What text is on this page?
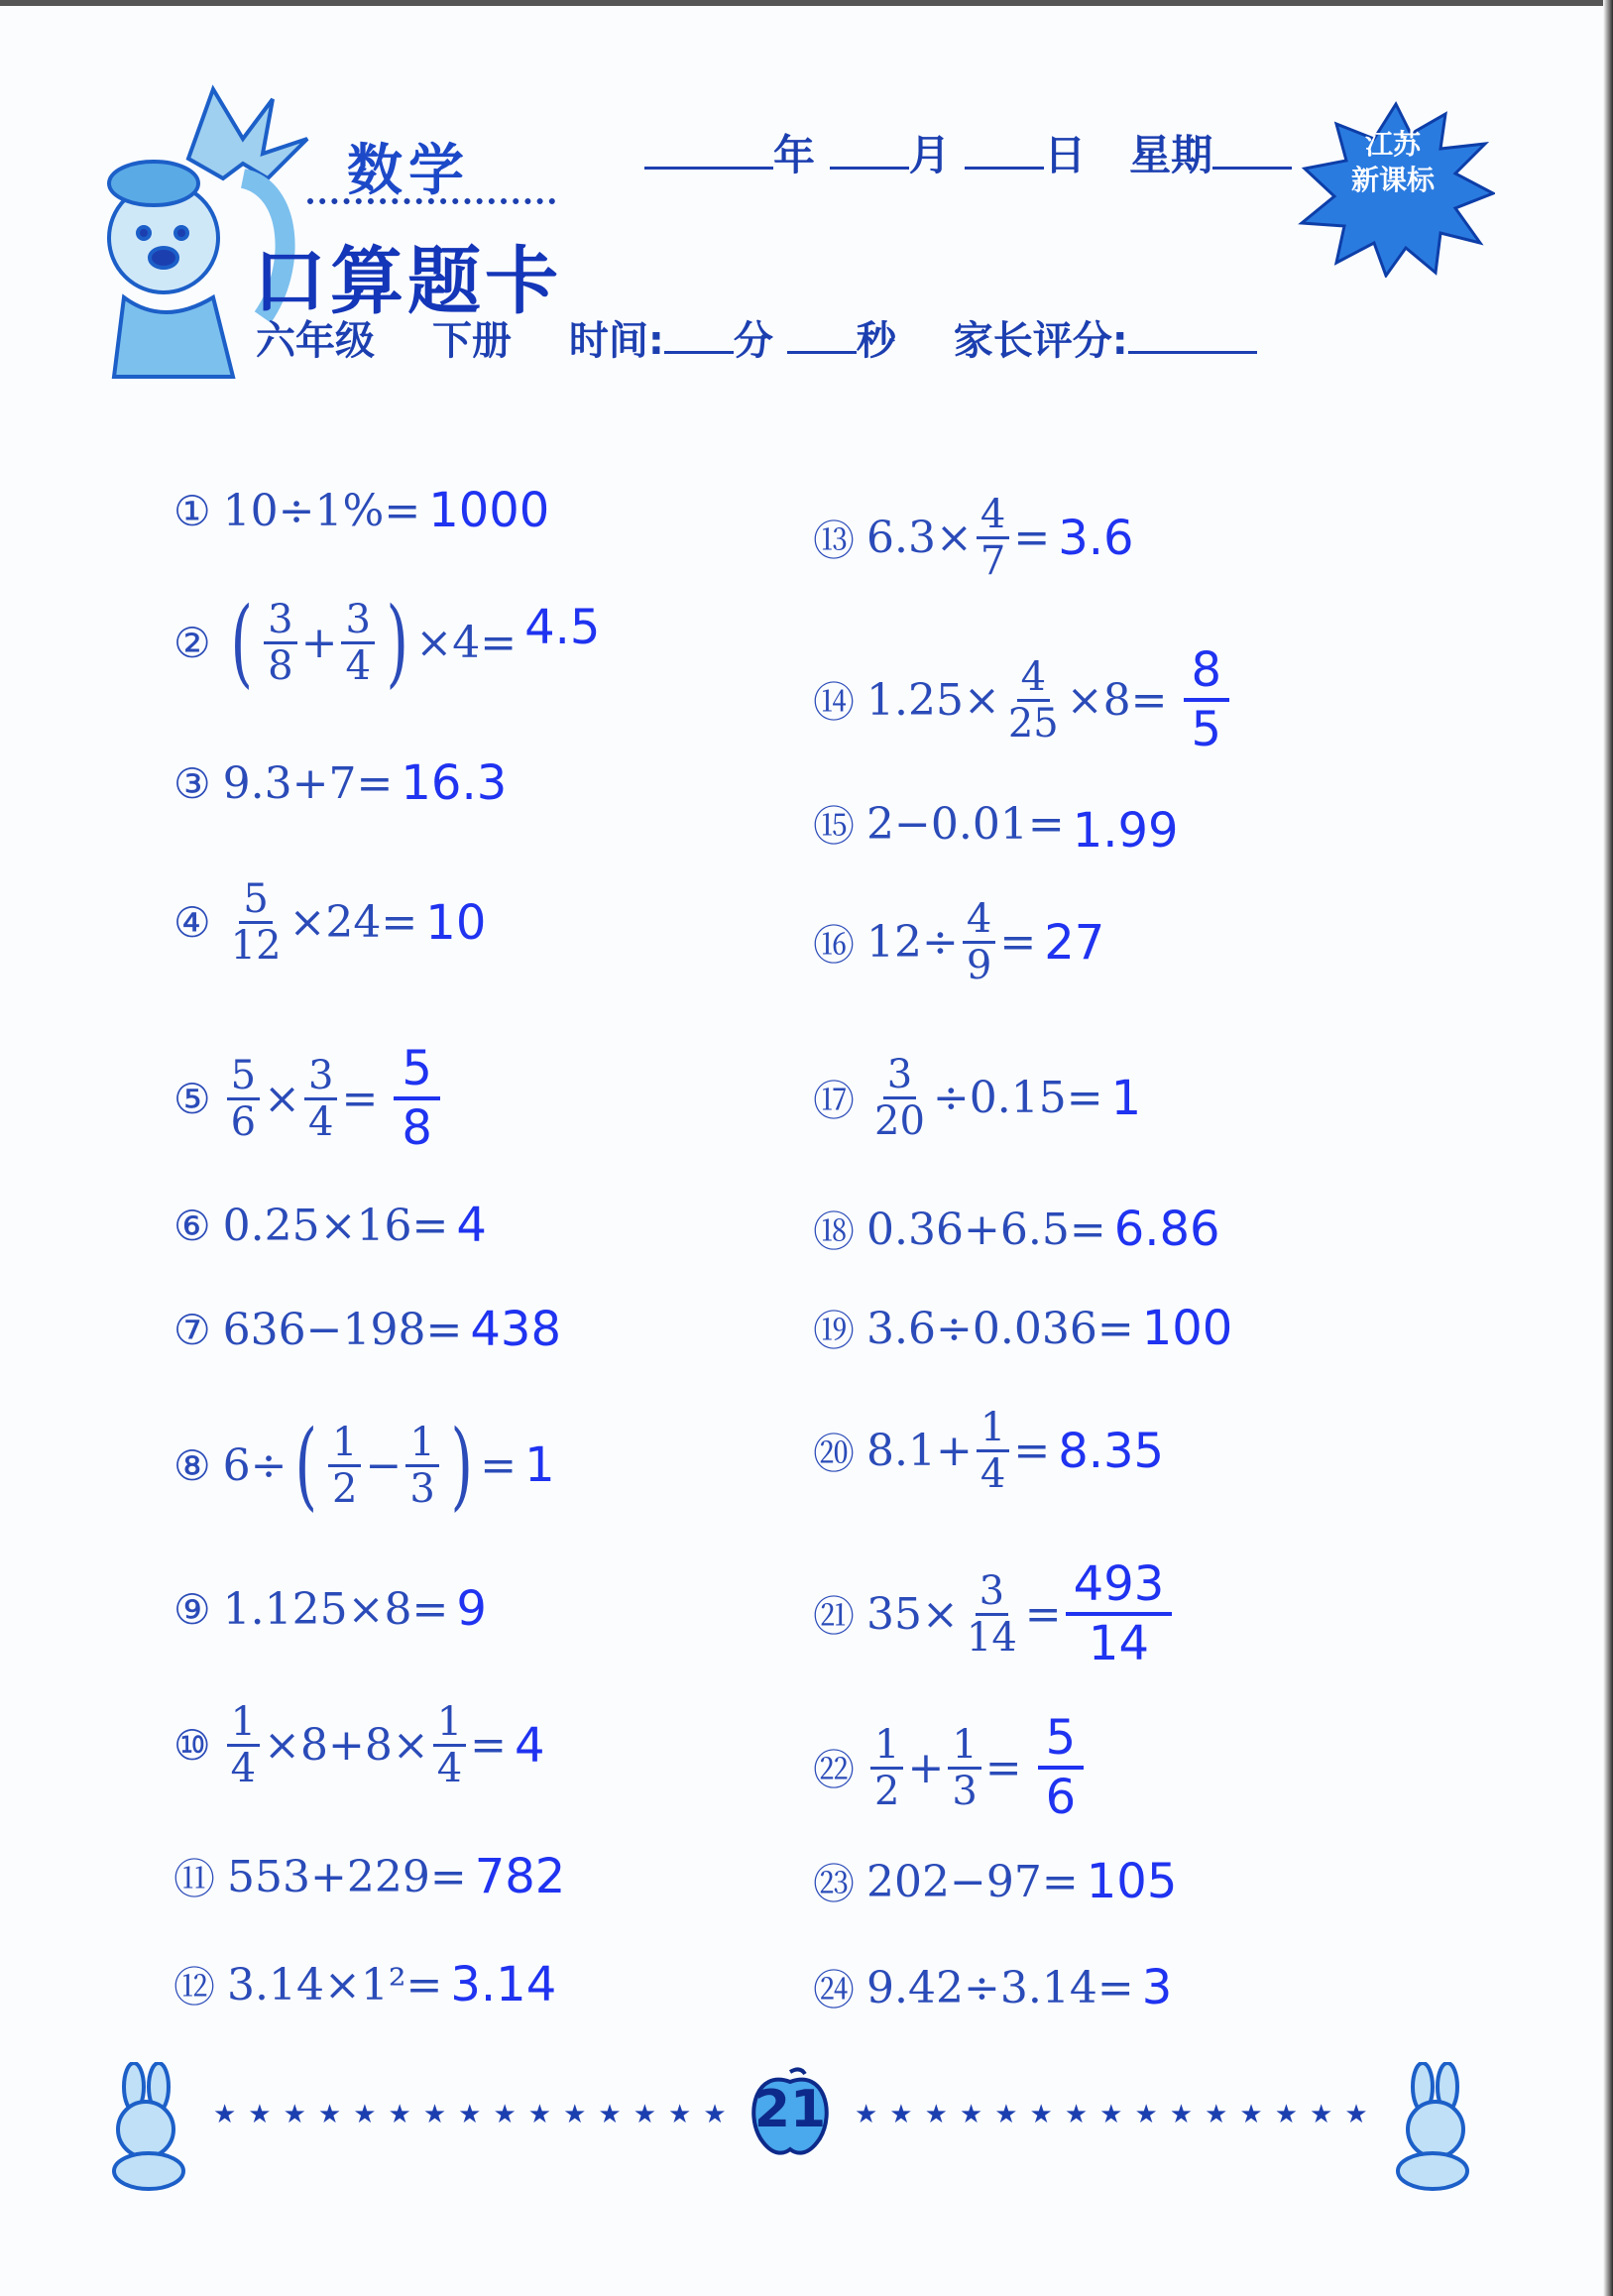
数学
口算题卡
年 月 日 星期	江苏
新课标
六年级 下册 时间: 分 秒 家长评分:
① 10÷1%= 1000
② ( $\frac{3}{8} + \frac{3}{4}$ ) ×4= 4.5
③ 9.3+7= 16.3
④ $\frac{5}{12} \times 24= 10$
⑤ $\frac{5}{6} \times \frac{3}{4} = \frac{5}{8}$
⑥ 0.25×16= 4
⑦ 636−198= 438
⑧ 6÷ ( $\frac{1}{2} - \frac{1}{3}$ ) = 1
⑨ 1.125×8= 9
⑩ $\frac{1}{4} \times 8+8\times \frac{1}{4} = 4$
⑪ 553+229= 782
⑫ 3.14×1²= 3.14
⑬ $6.3\times \frac{4}{7} = 3.6$
⑭ $1.25\times \frac{4}{25} \times 8= \frac{8}{5}$
⑮ 2−0.01= 1.99
⑯ $12\div \frac{4}{9} = 27$
⑰ $\frac{3}{20} \div 0.15= 1$
⑱ 0.36+6.5= 6.86
⑲ 3.6÷0.036= 100
⑳ $8.1+ \frac{1}{4} = 8.35$
㉑ $35\times \frac{3}{14} = \frac{493}{14}$
㉒ $\frac{1}{2} + \frac{1}{3} = \frac{5}{6}$
㉓ 202−97= 105
㉔ 9.42÷3.14= 3
★★★★★★★★★★★★★★★ 21	★★★★★★★★★★★★★★★
